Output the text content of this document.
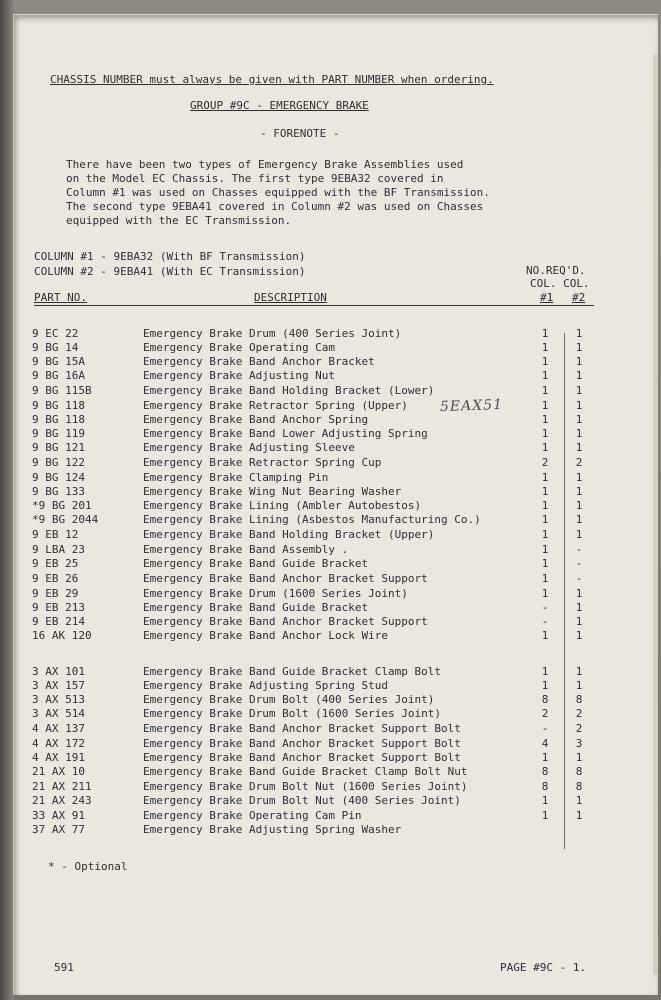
CHASSIS NUMBER must always be given with PART NUMBER when ordering.
GROUP #9C - EMERGENCY BRAKE
- FORENOTE -
There have been two types of Emergency Brake Assemblies used
on the Model EC Chassis. The first type 9EBA32 covered in
Column #1 was used on Chasses equipped with the BF Transmission.
The second type 9EBA41 covered in Column #2 was used on Chasses
equipped with the EC Transmission.
COLUMN #1 - 9EBA32 (With BF Transmission)
COLUMN #2 - 9EBA41 (With EC Transmission)	NO.REQ'D.
COL. COL.
PART NO.	DESCRIPTION	#1 #2
9 EC 22	Emergency Brake Drum (400 Series Joint)	1	1
9 BG 14	Emergency Brake Operating Cam	1	1
9 BG 15A	Emergency Brake Band Anchor Bracket	1	1
9 BG 16A	Emergency Brake Adjusting Nut	1	1
9 BG 115B	Emergency Brake Band Holding Bracket (Lower)	1	1
9 BG 118	Emergency Brake Retractor Spring (Upper)	1	1
9 BG 118	Emergency Brake Band Anchor Spring	1	1
9 BG 119	Emergency Brake Band Lower Adjusting Spring	1	1
9 BG 121	Emergency Brake Adjusting Sleeve	1	1
9 BG 122	Emergency Brake Retractor Spring Cup	2	2
9 BG 124	Emergency Brake Clamping Pin	1	1
9 BG 133	Emergency Brake Wing Nut Bearing Washer	1	1
*9 BG 201	Emergency Brake Lining (Ambler Autobestos)	1	1
*9 BG 2044	Emergency Brake Lining (Asbestos Manufacturing Co.)	1	1
9 EB 12	Emergency Brake Band Holding Bracket (Upper)	1	1
9 LBA 23	Emergency Brake Band Assembly .	1	-
9 EB 25	Emergency Brake Band Guide Bracket	1	-
9 EB 26	Emergency Brake Band Anchor Bracket Support	1	-
9 EB 29	Emergency Brake Drum (1600 Series Joint)	1	1
9 EB 213	Emergency Brake Band Guide Bracket	-	1
9 EB 214	Emergency Brake Band Anchor Bracket Support	-	1
16 AK 120	Emergency Brake Band Anchor Lock Wire	1	1
3 AX 101	Emergency Brake Band Guide Bracket Clamp Bolt	1	1
3 AX 157	Emergency Brake Adjusting Spring Stud	1	1
3 AX 513	Emergency Brake Drum Bolt (400 Series Joint)	8	8
3 AX 514	Emergency Brake Drum Bolt (1600 Series Joint)	2	2
4 AX 137	Emergency Brake Band Anchor Bracket Support Bolt	-	2
4 AX 172	Emergency Brake Band Anchor Bracket Support Bolt	4	3
4 AX 191	Emergency Brake Band Anchor Bracket Support Bolt	1	1
21 AX 10	Emergency Brake Band Guide Bracket Clamp Bolt Nut	8	8
21 AX 211	Emergency Brake Drum Bolt Nut (1600 Series Joint)	8	8
21 AX 243	Emergency Brake Drum Bolt Nut (400 Series Joint)	1	1
33 AX 91	Emergency Brake Operating Cam Pin	1	1
37 AX 77	Emergency Brake Adjusting Spring Washer
5EAX51
* - Optional
591	PAGE #9C - 1.
